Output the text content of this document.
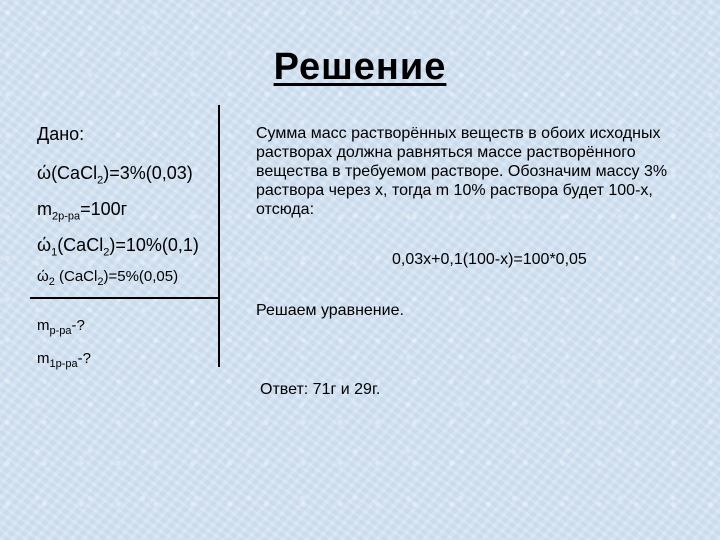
Решение
Дано:
ώ(CaCl$_2$)=3%(0,03)
$m_{2р-ра}=100г$
$ώ_1(CaCl_2)=10\%(0,1)$
$ώ_2$ (CaCl$_2$)=5%(0,05)
$m_{р-ра}-$?
$m_{1р-ра}-$?
Сумма масс растворённых веществ в обоих исходных растворах должна равняться массе растворённого вещества в требуемом растворе. Обозначим массу 3% раствора через х, тогда m 10% раствора будет 100-х, отсюда:
0,03х+0,1(100-х)=100*0,05
Решаем уравнение.
Ответ: 71г и 29г.
